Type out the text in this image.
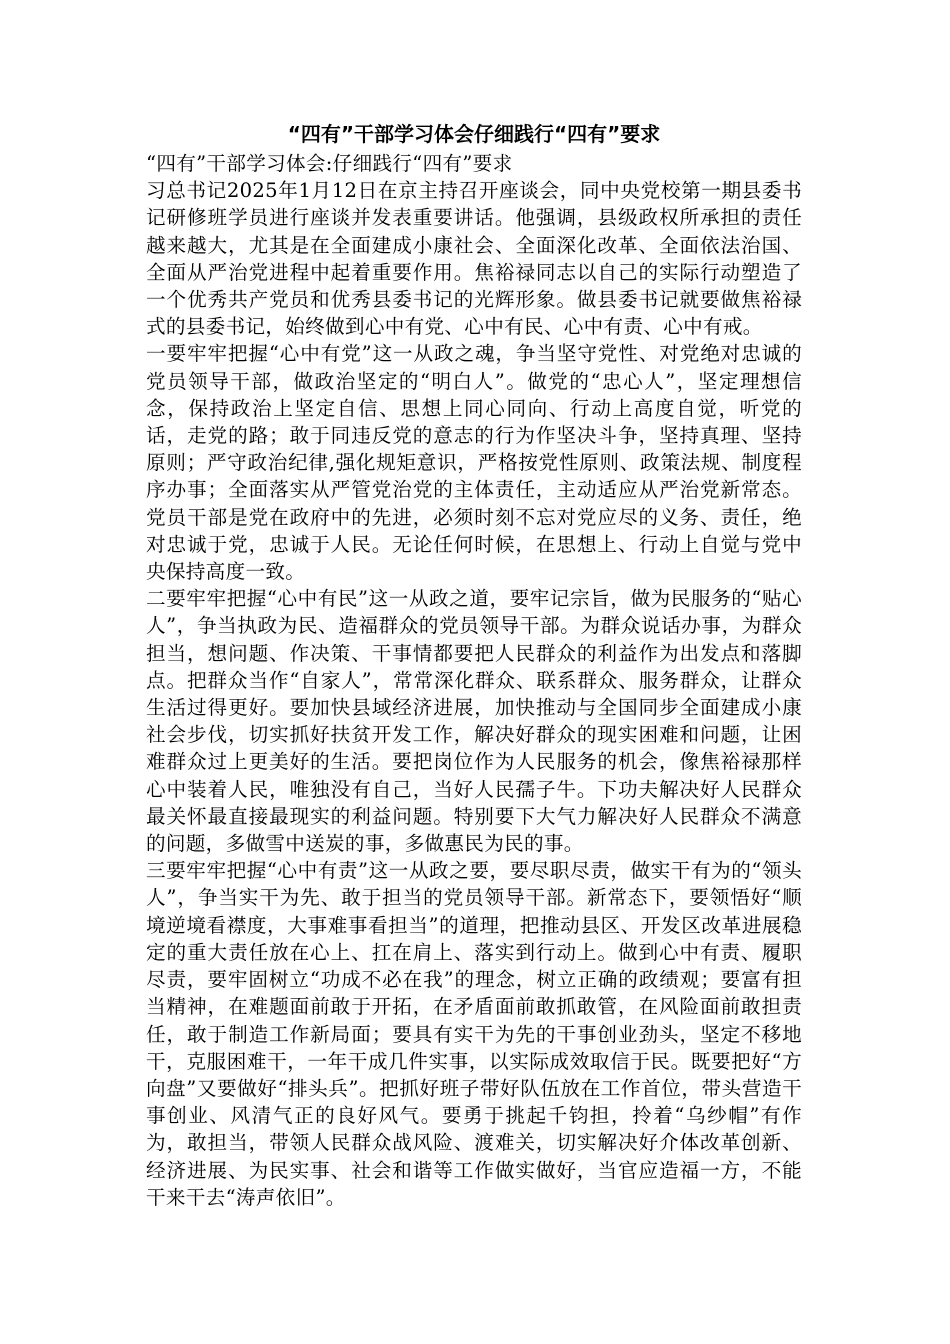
“四有”干部学习体会仔细践行“四有”要求
“四有”干部学习体会:仔细践行“四有”要求

习总书记2025年1月12日在京主持召开座谈会，同中央党校第一期县委书记研修班学员进行座谈并发表重要讲话。他强调，县级政权所承担的责任越来越大，尤其是在全面建成小康社会、全面深化改革、全面依法治国、全面从严治党进程中起着重要作用。焦裕禄同志以自己的实际行动塑造了一个优秀共产党员和优秀县委书记的光辉形象。做县委书记就要做焦裕禄式的县委书记，始终做到心中有党、心中有民、心中有责、心中有戒。

一要牢牢把握“心中有党”这一从政之魂，争当坚守党性、对党绝对忠诚的党员领导干部，做政治坚定的“明白人”。做党的“忠心人”，坚定理想信念，保持政治上坚定自信、思想上同心同向、行动上高度自觉，听党的话，走党的路；敢于同违反党的意志的行为作坚决斗争，坚持真理、坚持原则；严守政治纪律,强化规矩意识，严格按党性原则、政策法规、制度程序办事；全面落实从严管党治党的主体责任，主动适应从严治党新常态。党员干部是党在政府中的先进，必须时刻不忘对党应尽的义务、责任，绝对忠诚于党，忠诚于人民。无论任何时候，在思想上、行动上自觉与党中央保持高度一致。

二要牢牢把握“心中有民”这一从政之道，要牢记宗旨，做为民服务的“贴心人”，争当执政为民、造福群众的党员领导干部。为群众说话办事，为群众担当，想问题、作决策、干事情都要把人民群众的利益作为出发点和落脚点。把群众当作“自家人”，常常深化群众、联系群众、服务群众，让群众生活过得更好。要加快县域经济进展，加快推动与全国同步全面建成小康社会步伐，切实抓好扶贫开发工作，解决好群众的现实困难和问题，让困难群众过上更美好的生活。要把岗位作为人民服务的机会，像焦裕禄那样心中装着人民，唯独没有自己，当好人民孺子牛。下功夫解决好人民群众最关怀最直接最现实的利益问题。特别要下大气力解决好人民群众不满意的问题，多做雪中送炭的事，多做惠民为民的事。

三要牢牢把握“心中有责”这一从政之要，要尽职尽责，做实干有为的“领头人”，争当实干为先、敢于担当的党员领导干部。新常态下，要领悟好“顺境逆境看襟度，大事难事看担当”的道理，把推动县区、开发区改革进展稳定的重大责任放在心上、扛在肩上、落实到行动上。做到心中有责、履职尽责，要牢固树立“功成不必在我”的理念，树立正确的政绩观；要富有担当精神，在难题面前敢于开拓，在矛盾面前敢抓敢管，在风险面前敢担责任，敢于制造工作新局面；要具有实干为先的干事创业劲头，坚定不移地干，克服困难干，一年干成几件实事，以实际成效取信于民。既要把好“方向盘”又要做好“排头兵”。把抓好班子带好队伍放在工作首位，带头营造干事创业、风清气正的良好风气。要勇于挑起千钧担，拎着“乌纱帽”有作为，敢担当，带领人民群众战风险、渡难关，切实解决好介体改革创新、经济进展、为民实事、社会和谐等工作做实做好，当官应造福一方，不能干来干去“涛声依旧”。
